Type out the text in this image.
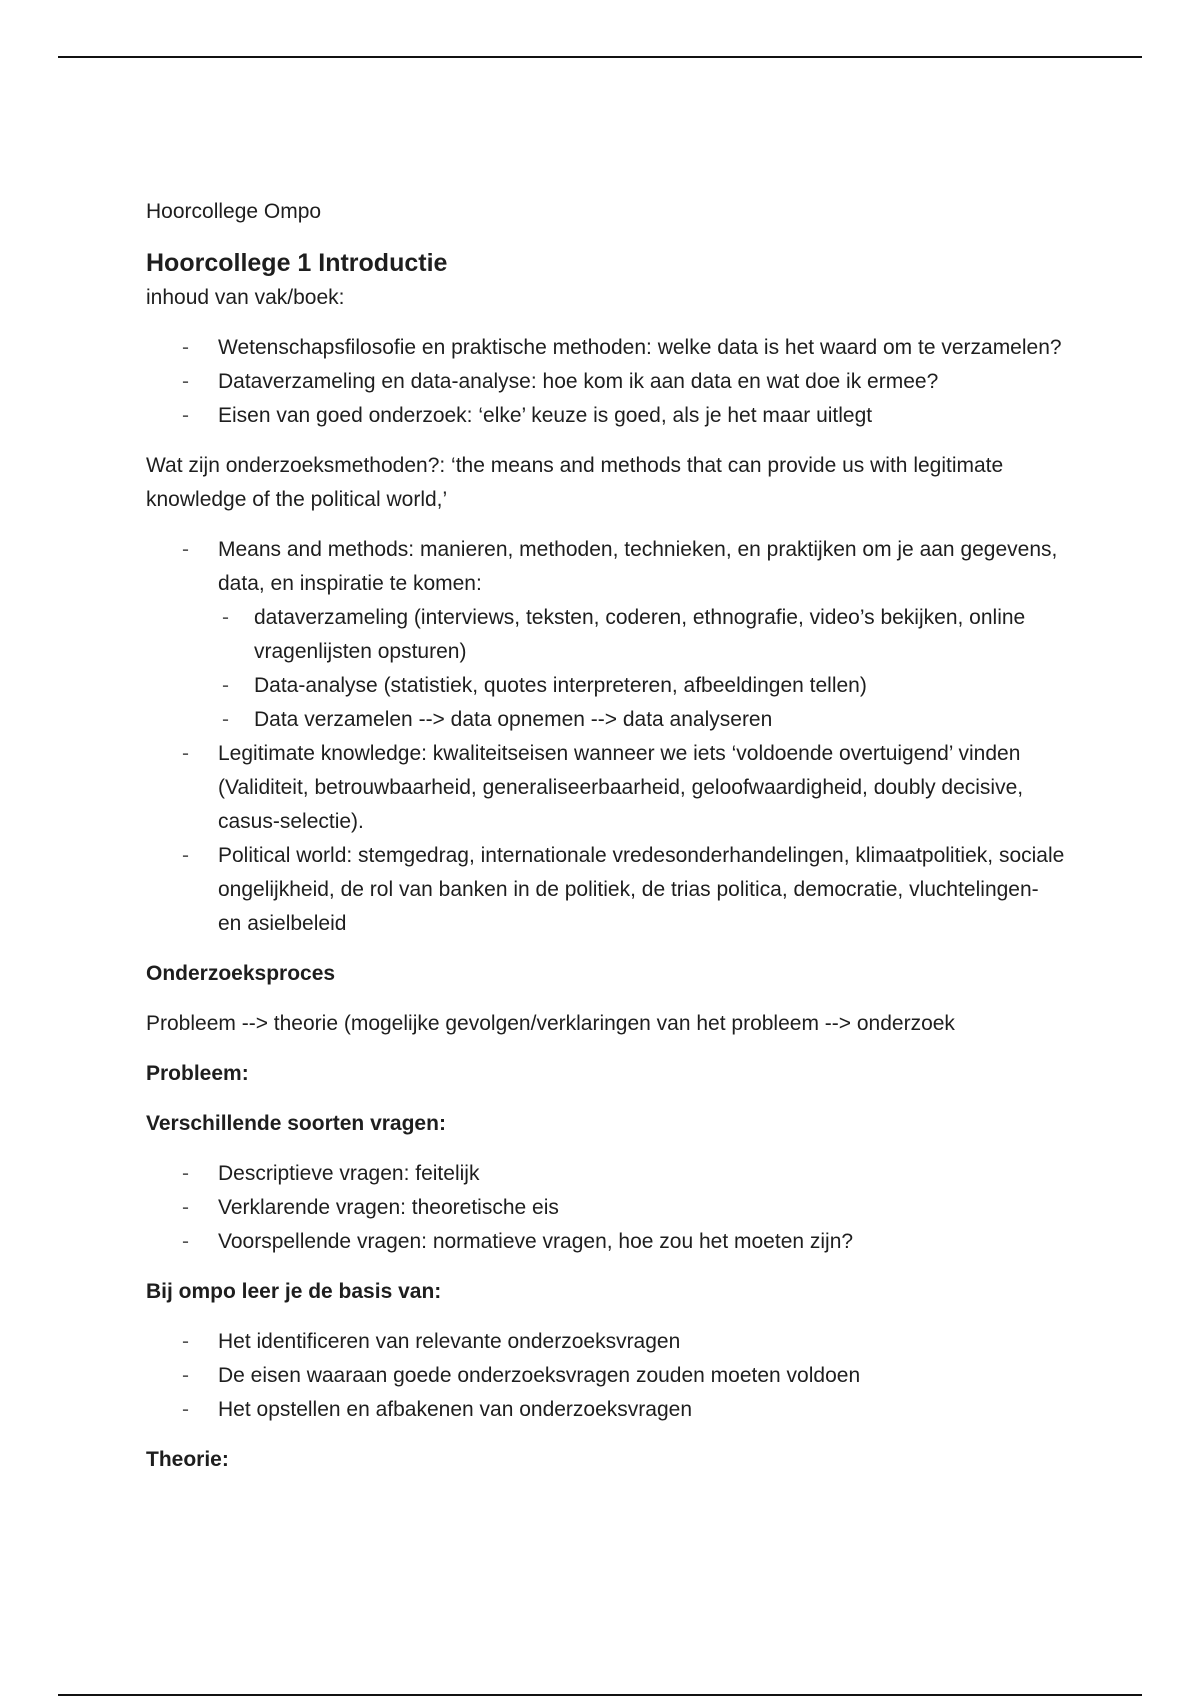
Hoorcollege Ompo

Hoorcollege 1 Introductie

inhoud van vak/boek:

- Wetenschapsfilosofie en praktische methoden: welke data is het waard om te verzamelen?
- Dataverzameling en data-analyse: hoe kom ik aan data en wat doe ik ermee?
- Eisen van goed onderzoek: ‘elke’ keuze is goed, als je het maar uitlegt

Wat zijn onderzoeksmethoden?: ‘the means and methods that can provide us with legitimate knowledge of the political world,’

- Means and methods: manieren, methoden, technieken, en praktijken om je aan gegevens, data, en inspiratie te komen:
- dataverzameling (interviews, teksten, coderen, ethnografie, video’s bekijken, online vragenlijsten opsturen)
- Data-analyse (statistiek, quotes interpreteren, afbeeldingen tellen)
- Data verzamelen --> data opnemen --> data analyseren
- Legitimate knowledge: kwaliteitseisen wanneer we iets ‘voldoende overtuigend’ vinden (Validiteit, betrouwbaarheid, generaliseerbaarheid, geloofwaardigheid, doubly decisive, casus-selectie).
- Political world: stemgedrag, internationale vredesonderhandelingen, klimaatpolitiek, sociale ongelijkheid, de rol van banken in de politiek, de trias politica, democratie, vluchtelingen- en asielbeleid

Onderzoeksproces

Probleem --> theorie (mogelijke gevolgen/verklaringen van het probleem --> onderzoek

Probleem:

Verschillende soorten vragen:

- Descriptieve vragen: feitelijk
- Verklarende vragen: theoretische eis
- Voorspellende vragen: normatieve vragen, hoe zou het moeten zijn?

Bij ompo leer je de basis van:

- Het identificeren van relevante onderzoeksvragen
- De eisen waaraan goede onderzoeksvragen zouden moeten voldoen
- Het opstellen en afbakenen van onderzoeksvragen

Theorie:
